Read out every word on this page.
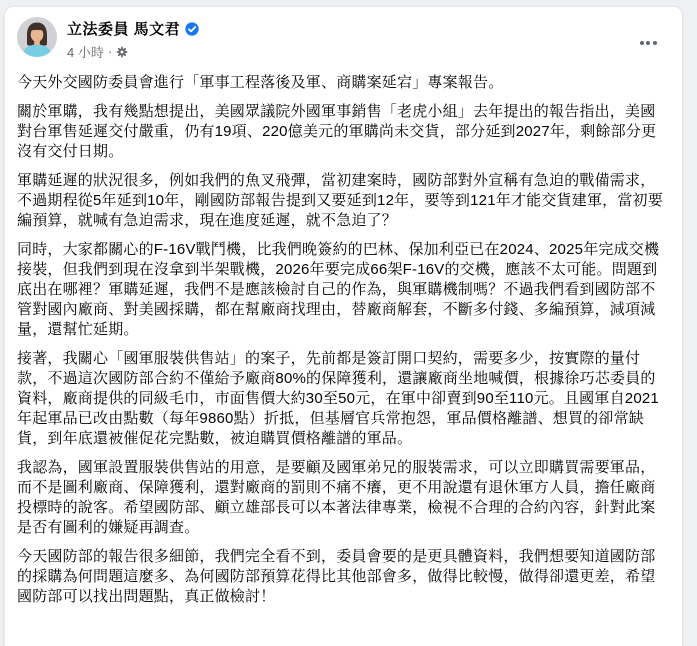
立法委員 馬文君
4 小時 ·

今天外交國防委員會進行「軍事工程落後及軍、商購案延宕」專案報告。

關於軍購，我有幾點想提出，美國眾議院外國軍事銷售「老虎小組」去年提出的報告指出，美國對台軍售延遲交付嚴重，仍有19項、220億美元的軍購尚未交貨，部分延到2027年，剩餘部分更沒有交付日期。

軍購延遲的狀況很多，例如我們的魚叉飛彈，當初建案時，國防部對外宣稱有急迫的戰備需求，不過期程從5年延到10年，剛國防部報告提到又要延到12年，要等到121年才能交貨建軍，當初要編預算，就喊有急迫需求，現在進度延遲，就不急迫了？

同時，大家都關心的F-16V戰鬥機，比我們晚簽約的巴林、保加利亞已在2024、2025年完成交機接裝，但我們到現在沒拿到半架戰機，2026年要完成66架F-16V的交機，應該不太可能。問題到底出在哪裡？軍購延遲，我們不是應該檢討自己的作為，與軍購機制嗎？不過我們看到國防部不管對國內廠商、對美國採購，都在幫廠商找理由，替廠商解套，不斷多付錢、多編預算，減項減量，還幫忙延期。

接著，我關心「國軍服裝供售站」的案子，先前都是簽訂開口契約，需要多少，按實際的量付款，不過這次國防部合約不僅給予廠商80%的保障獲利，還讓廠商坐地喊價，根據徐巧芯委員的資料，廠商提供的同級毛巾，市面售價大約30至50元，在軍中卻賣到90至110元。且國軍自2021年起軍品已改由點數（每年9860點）折抵，但基層官兵常抱怨，軍品價格離譜、想買的卻常缺貨，到年底還被催促花完點數，被迫購買價格離譜的軍品。

我認為，國軍設置服裝供售站的用意，是要顧及國軍弟兄的服裝需求，可以立即購買需要軍品，而不是圖利廠商、保障獲利，還對廠商的罰則不痛不癢，更不用說還有退休軍方人員，擔任廠商投標時的說客。希望國防部、顧立雄部長可以本著法律專業，檢視不合理的合約內容，針對此案是否有圖利的嫌疑再調查。

今天國防部的報告很多細節，我們完全看不到，委員會要的是更具體資料，我們想要知道國防部的採購為何問題這麼多、為何國防部預算花得比其他部會多，做得比較慢，做得卻還更差，希望國防部可以找出問題點，真正做檢討！
